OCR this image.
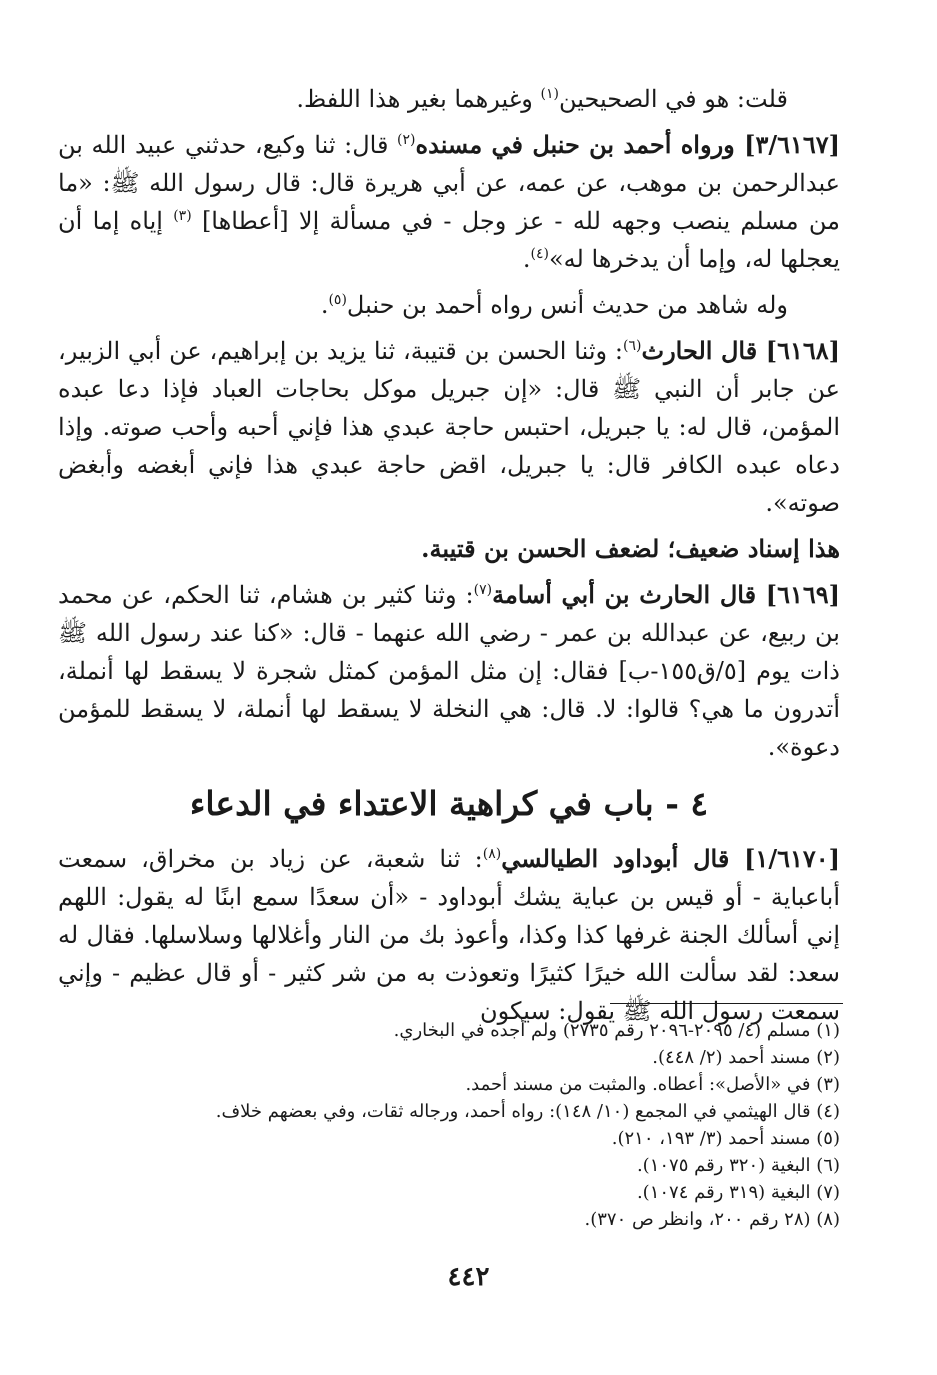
قلت: هو في الصحيحين$^{(١)}$ وغيرهما بغير هذا اللفظ.

[٣/٦١٦٧] ورواه أحمد بن حنبل في مسنده$^{(٢)}$ قال: ثنا وكيع، حدثني عبيد الله بن عبدالرحمن بن موهب، عن عمه، عن أبي هريرة قال: قال رسول الله ﷺ: «ما من مسلم ينصب وجهه لله - عز وجل - في مسألة إلا [أعطاها] $^{(٣)}$ إياه إما أن يعجلها له، وإما أن يدخرها له»$^{(٤)}$.

وله شاهد من حديث أنس رواه أحمد بن حنبل$^{(٥)}$.

[٦١٦٨] قال الحارث$^{(٦)}$: وثنا الحسن بن قتيبة، ثنا يزيد بن إبراهيم، عن أبي الزبير، عن جابر أن النبي ﷺ قال: «إن جبريل موكل بحاجات العباد فإذا دعا عبده المؤمن، قال له: يا جبريل، احتبس حاجة عبدي هذا فإني أحبه وأحب صوته. وإذا دعاه عبده الكافر قال: يا جبريل، اقض حاجة عبدي هذا فإني أبغضه وأبغض صوته».

هذا إسناد ضعيف؛ لضعف الحسن بن قتيبة.

[٦١٦٩] قال الحارث بن أبي أسامة$^{(٧)}$: وثنا كثير بن هشام، ثنا الحكم، عن محمد بن ربيع، عن عبدالله بن عمر - رضي الله عنهما - قال: «كنا عند رسول الله ﷺ ذات يوم [٥/ق١٥٥-ب] فقال: إن مثل المؤمن كمثل شجرة لا يسقط لها أنملة، أتدرون ما هي؟ قالوا: لا. قال: هي النخلة لا يسقط لها أنملة، لا يسقط للمؤمن دعوة».

٤ - باب في كراهية الاعتداء في الدعاء

[١/٦١٧٠] قال أبوداود الطيالسي$^{(٨)}$: ثنا شعبة، عن زياد بن مخراق، سمعت أباعباية - أو قيس بن عباية يشك أبوداود - «أن سعدًا سمع ابنًا له يقول: اللهم إني أسألك الجنة غرفها كذا وكذا، وأعوذ بك من النار وأغلالها وسلاسلها. فقال له سعد: لقد سألت الله خيرًا كثيرًا وتعوذت به من شر كثير - أو قال عظيم - وإني سمعت رسول الله ﷺ يقول: سيكون

(١) مسلم (٤/ ٢٠٩٥-٢٠٩٦ رقم ٢٧٣٥) ولم أجده في البخاري.

(٢) مسند أحمد (٢/ ٤٤٨).

(٣) في «الأصل»: أعطاه. والمثبت من مسند أحمد.

(٤) قال الهيثمي في المجمع (١٠/ ١٤٨): رواه أحمد، ورجاله ثقات، وفي بعضهم خلاف.

(٥) مسند أحمد (٣/ ١٩٣، ٢١٠).

(٦) البغية (٣٢٠ رقم ١٠٧٥).

(٧) البغية (٣١٩ رقم ١٠٧٤).

(٨) (٢٨ رقم ٢٠٠، وانظر ص ٣٧٠).

٤٤٢
